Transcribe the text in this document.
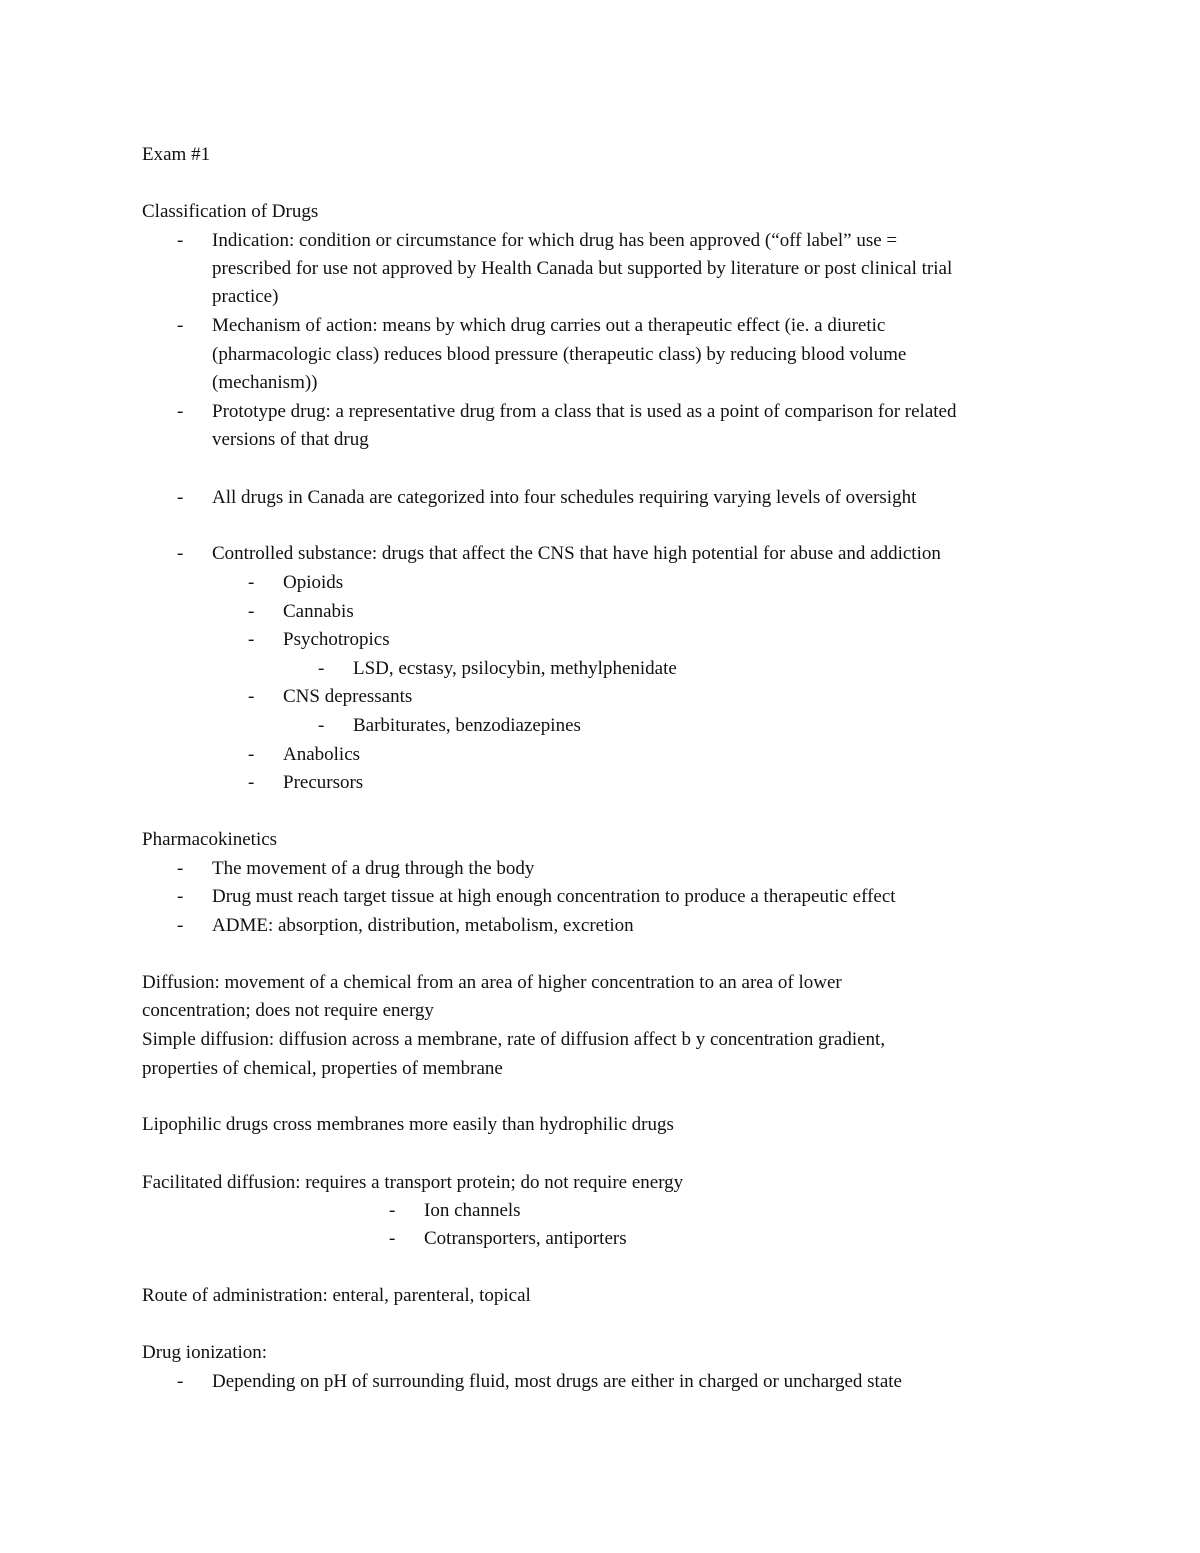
Exam #1
Classification of Drugs
- Indication: condition or circumstance for which drug has been approved (“off label” use =
prescribed for use not approved by Health Canada but supported by literature or post clinical trial
practice)
- Mechanism of action: means by which drug carries out a therapeutic effect (ie. a diuretic
(pharmacologic class) reduces blood pressure (therapeutic class) by reducing blood volume
(mechanism))
- Prototype drug: a representative drug from a class that is used as a point of comparison for related
versions of that drug
- All drugs in Canada are categorized into four schedules requiring varying levels of oversight
- Controlled substance: drugs that affect the CNS that have high potential for abuse and addiction
- Opioids
- Cannabis
- Psychotropics
- LSD, ecstasy, psilocybin, methylphenidate
- CNS depressants
- Barbiturates, benzodiazepines
- Anabolics
- Precursors
Pharmacokinetics
- The movement of a drug through the body
- Drug must reach target tissue at high enough concentration to produce a therapeutic effect
- ADME: absorption, distribution, metabolism, excretion
Diffusion: movement of a chemical from an area of higher concentration to an area of lower
concentration; does not require energy
Simple diffusion: diffusion across a membrane, rate of diffusion affect b y concentration gradient,
properties of chemical, properties of membrane
Lipophilic drugs cross membranes more easily than hydrophilic drugs
Facilitated diffusion: requires a transport protein; do not require energy
- Ion channels
- Cotransporters, antiporters
Route of administration: enteral, parenteral, topical
Drug ionization:
- Depending on pH of surrounding fluid, most drugs are either in charged or uncharged state
